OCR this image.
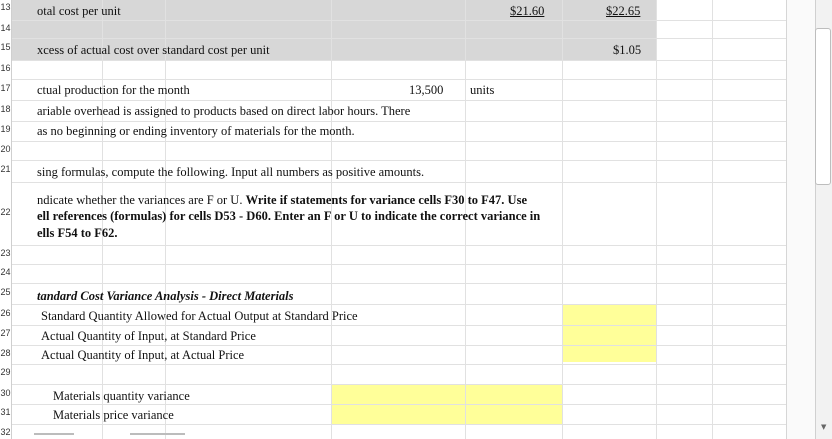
13
14
15
16
17
18
19
20
21
22
23
24
25
26
27
28
29
30
31
32
otal cost per unit	$21.60	$22.65
xcess of actual cost over standard cost per unit	$1.05
ctual production for the month	13,500 units
ariable overhead is assigned to products based on direct labor hours. There
as no beginning or ending inventory of materials for the month.
sing formulas, compute the following. Input all numbers as positive amounts.
ndicate whether the variances are F or U. Write if statements for variance cells F30 to F47. Use
ell references (formulas) for cells D53 - D60. Enter an F or U to indicate the correct variance in
ells F54 to F62.
tandard Cost Variance Analysis - Direct Materials
Standard Quantity Allowed for Actual Output at Standard Price
Actual Quantity of Input, at Standard Price
Actual Quantity of Input, at Actual Price
Materials quantity variance
Materials price variance
▼
